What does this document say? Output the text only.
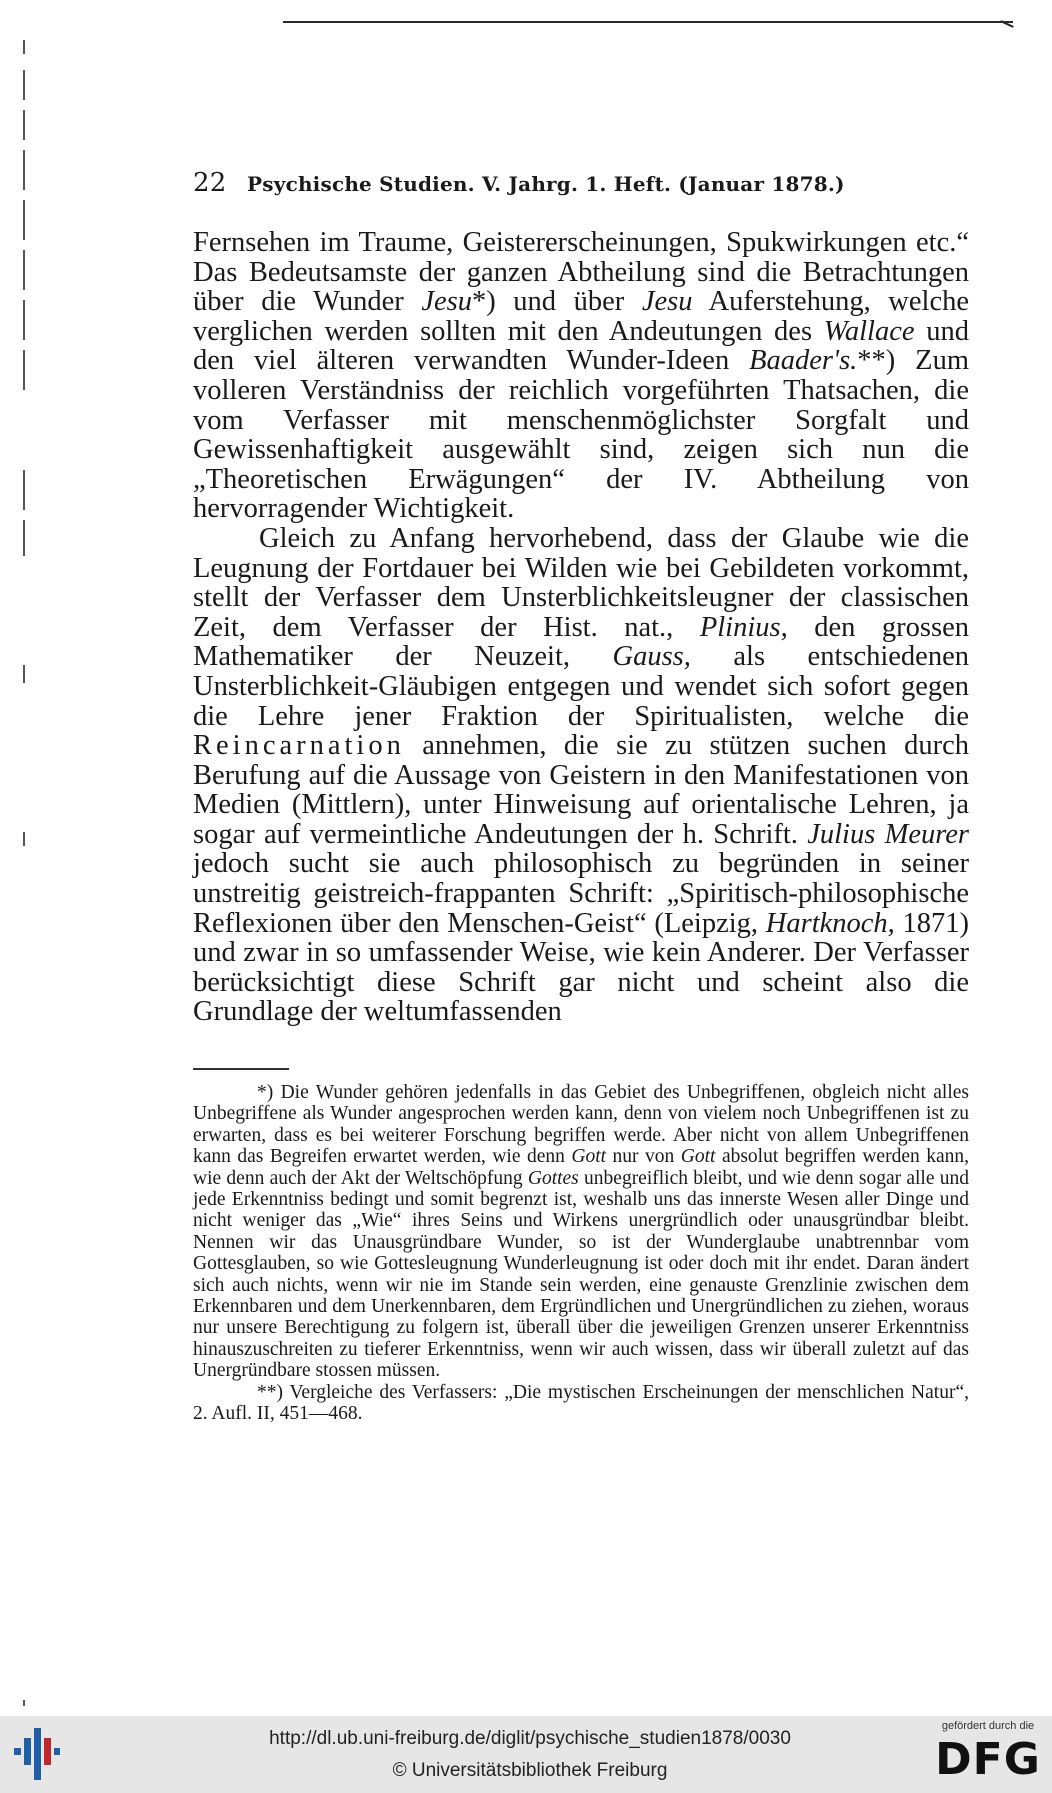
22 Psychische Studien. V. Jahrg. 1. Heft. (Januar 1878.)

Fernsehen im Traume, Geistererscheinungen, Spukwirkungen etc.“ Das Bedeutsamste der ganzen Abtheilung sind die Betrachtungen über die Wunder Jesu*) und über Jesu Auferstehung, welche verglichen werden sollten mit den Andeutungen des Wallace und den viel älteren verwandten Wunder-Ideen Baader's.**) Zum volleren Verständniss der reichlich vorgeführten Thatsachen, die vom Verfasser mit menschenmöglichster Sorgfalt und Gewissenhaftigkeit ausgewählt sind, zeigen sich nun die „Theoretischen Erwägungen“ der IV. Abtheilung von hervorragender Wichtigkeit.

Gleich zu Anfang hervorhebend, dass der Glaube wie die Leugnung der Fortdauer bei Wilden wie bei Gebildeten vorkommt, stellt der Verfasser dem Unsterblichkeitsleugner der classischen Zeit, dem Verfasser der Hist. nat., Plinius, den grossen Mathematiker der Neuzeit, Gauss, als entschiedenen Unsterblichkeit-Gläubigen entgegen und wendet sich sofort gegen die Lehre jener Fraktion der Spiritualisten, welche die Reincarnation annehmen, die sie zu stützen suchen durch Berufung auf die Aussage von Geistern in den Manifestationen von Medien (Mittlern), unter Hinweisung auf orientalische Lehren, ja sogar auf vermeintliche Andeutungen der h. Schrift. Julius Meurer jedoch sucht sie auch philosophisch zu begründen in seiner unstreitig geistreich-frappanten Schrift: „Spiritisch-philosophische Reflexionen über den Menschen-Geist“ (Leipzig, Hartknoch, 1871) und zwar in so umfassender Weise, wie kein Anderer. Der Verfasser berücksichtigt diese Schrift gar nicht und scheint also die Grundlage der weltumfassenden

*) Die Wunder gehören jedenfalls in das Gebiet des Unbegriffenen, obgleich nicht alles Unbegriffene als Wunder angesprochen werden kann, denn von vielem noch Unbegriffenen ist zu erwarten, dass es bei weiterer Forschung begriffen werde. Aber nicht von allem Unbegriffenen kann das Begreifen erwartet werden, wie denn Gott nur von Gott absolut begriffen werden kann, wie denn auch der Akt der Weltschöpfung Gottes unbegreiflich bleibt, und wie denn sogar alle und jede Erkenntniss bedingt und somit begrenzt ist, weshalb uns das innerste Wesen aller Dinge und nicht weniger das „Wie“ ihres Seins und Wirkens unergründlich oder unausgründbar bleibt. Nennen wir das Unausgründbare Wunder, so ist der Wunderglaube unabtrennbar vom Gottesglauben, so wie Gottesleugnung Wunderleugnung ist oder doch mit ihr endet. Daran ändert sich auch nichts, wenn wir nie im Stande sein werden, eine genauste Grenzlinie zwischen dem Erkennbaren und dem Unerkennbaren, dem Ergründlichen und Unergründlichen zu ziehen, woraus nur unsere Berechtigung zu folgern ist, überall über die jeweiligen Grenzen unserer Erkenntniss hinauszuschreiten zu tieferer Erkenntniss, wenn wir auch wissen, dass wir überall zuletzt auf das Unergründbare stossen müssen.

**) Vergleiche des Verfassers: „Die mystischen Erscheinungen der menschlichen Natur“, 2. Aufl. II, 451—468.

http://dl.ub.uni-freiburg.de/diglit/psychische_studien1878/0030
© Universitätsbibliothek Freiburg
gefördert durch die
DFG
